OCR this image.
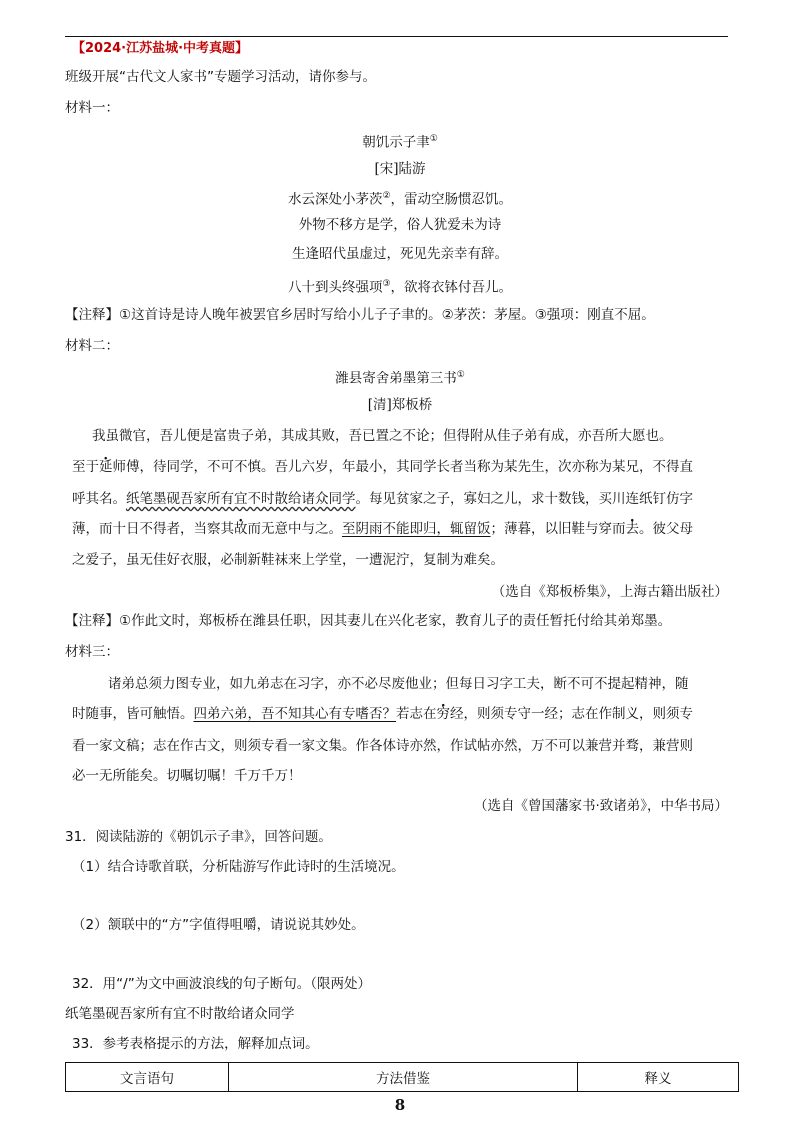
【2024·江苏盐城·中考真题】
班级开展“古代文人家书”专题学习活动，请你参与。
材料一：
朝饥示子聿①
[宋]陆游
水云深处小茅茨②，雷动空肠惯忍饥。
外物不移方是学，俗人犹爱未为诗
生逢昭代虽虚过，死见先亲幸有辞。
八十到头终强项③，欲将衣钵付吾儿。
【注释】①这首诗是诗人晚年被罢官乡居时写给小儿子子聿的。②茅茨：茅屋。③强项：刚直不屈。
材料二：
潍县寄舍弟墨第三书①
[清]郑板桥
我虽微官，吾儿便是富贵子弟，其成其败，吾已置之不论；但得附从佳子弟有成，亦吾所大愿也。
至于延师傅，待同学，不可不慎。吾儿六岁，年最小，其同学长者当称为某先生，次亦称为某兄，不得直
呼其名。纸笔墨砚吾家所有宜不时散给诸众同学。每见贫家之子，寡妇之儿，求十数钱，买川连纸钉仿字
薄，而十日不得者，当察其故而无意中与之。至阴雨不能即归，辄留饭；薄暮，以旧鞋与穿而去。彼父母
之爱子，虽无佳好衣服，必制新鞋袜来上学堂，一遭泥泞，复制为难矣。
（选自《郑板桥集》，上海古籍出版社）
【注释】①作此文时，郑板桥在潍县任职，因其妻儿在兴化老家，教育儿子的责任暂托付给其弟郑墨。
材料三：
诸弟总须力图专业，如九弟志在习字，亦不必尽废他业；但每日习字工夫，断不可不提起精神，随
时随事，皆可触悟。四弟六弟，吾不知其心有专嗜否？若志在穷经，则须专守一经；志在作制义，则须专
看一家文稿；志在作古文，则须专看一家文集。作各体诗亦然，作试帖亦然，万不可以兼营并骛，兼营则
必一无所能矣。切嘱切嘱！千万千万！
（选自《曾国藩家书·致诸弟》，中华书局）
31．阅读陆游的《朝饥示子聿》，回答问题。
（1）结合诗歌首联，分析陆游写作此诗时的生活境况。
（2）颔联中的“方”字值得咀嚼，请说说其妙处。
32．用“/”为文中画波浪线的句子断句。（限两处）
纸笔墨砚吾家所有宜不时散给诸众同学
33．参考表格提示的方法，解释加点词。
文言语句	方法借鉴	释义
8
